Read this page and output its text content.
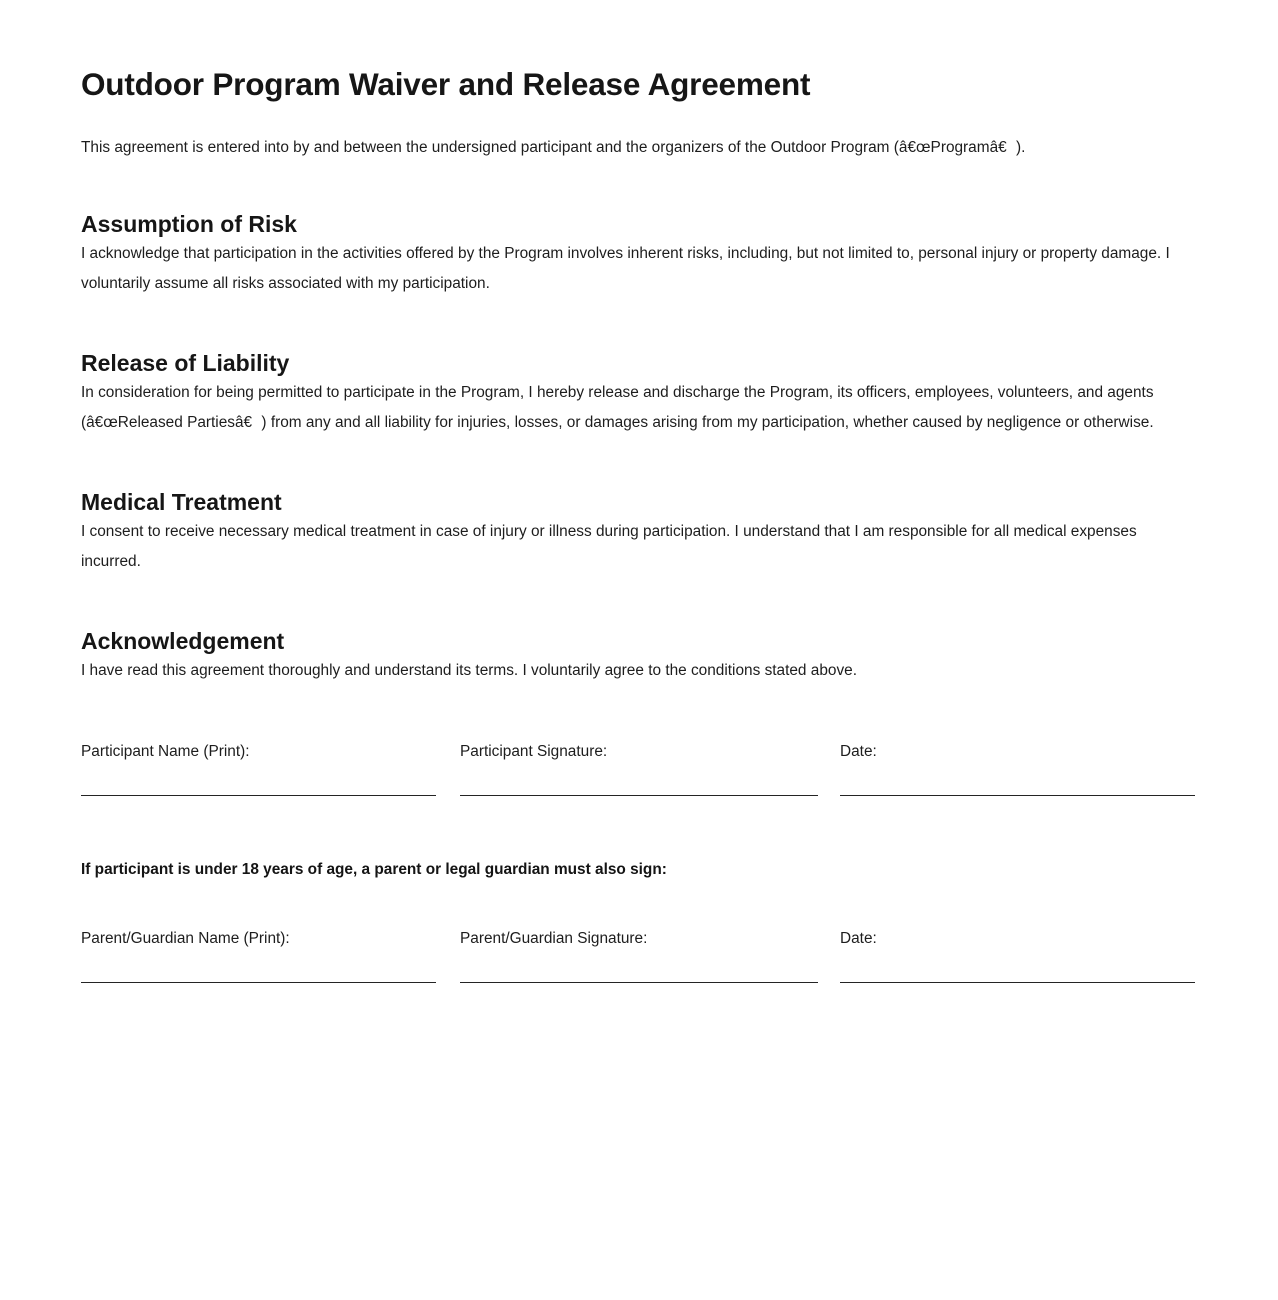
Outdoor Program Waiver and Release Agreement

This agreement is entered into by and between the undersigned participant and the organizers of the Outdoor Program (â€œProgramâ€).

Assumption of Risk

I acknowledge that participation in the activities offered by the Program involves inherent risks, including, but not limited to, personal injury or property damage. I voluntarily assume all risks associated with my participation.

Release of Liability

In consideration for being permitted to participate in the Program, I hereby release and discharge the Program, its officers, employees, volunteers, and agents (â€œReleased Partiesâ€) from any and all liability for injuries, losses, or damages arising from my participation, whether caused by negligence or otherwise.

Medical Treatment

I consent to receive necessary medical treatment in case of injury or illness during participation. I understand that I am responsible for all medical expenses incurred.

Acknowledgement

I have read this agreement thoroughly and understand its terms. I voluntarily agree to the conditions stated above.

Participant Name (Print):	Participant Signature:	Date:
If participant is under 18 years of age, a parent or legal guardian must also sign:
Parent/Guardian Name (Print):	Parent/Guardian Signature:	Date:
